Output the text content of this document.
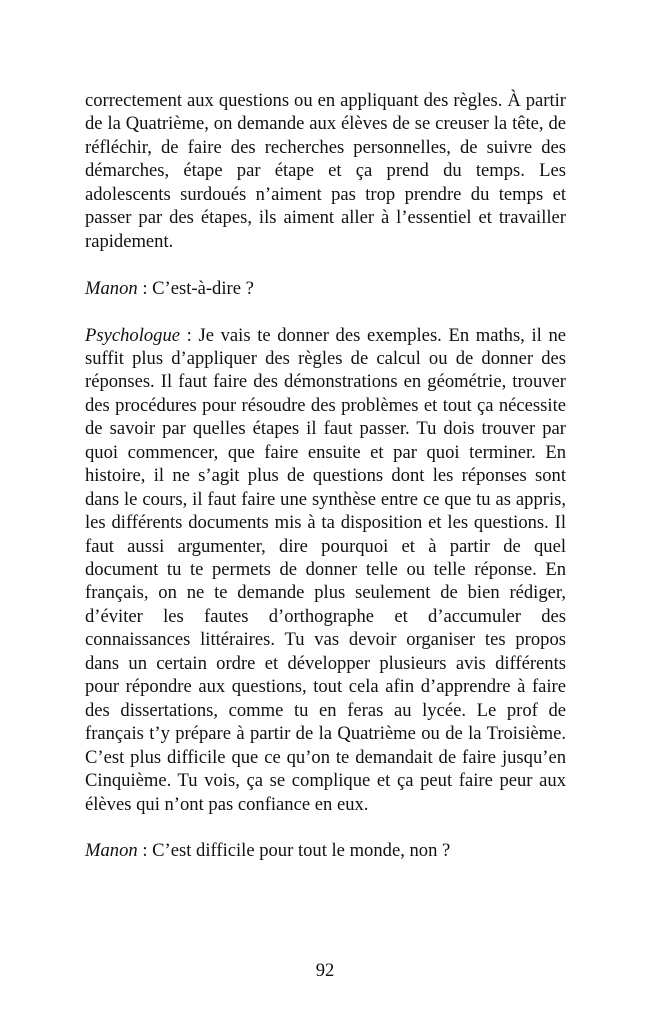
correctement aux questions ou en appliquant des règles. À partir de la Quatrième, on demande aux élèves de se creuser la tête, de réfléchir, de faire des recherches personnelles, de suivre des démarches, étape par étape et ça prend du temps. Les adolescents surdoués n’aiment pas trop prendre du temps et passer par des étapes, ils aiment aller à l’essentiel et travailler rapidement.

Manon : C’est-à-dire ?

Psychologue : Je vais te donner des exemples. En maths, il ne suffit plus d’appliquer des règles de calcul ou de donner des réponses. Il faut faire des démonstrations en géométrie, trouver des procédures pour résoudre des problèmes et tout ça nécessite de savoir par quelles étapes il faut passer. Tu dois trouver par quoi commencer, que faire ensuite et par quoi terminer. En histoire, il ne s’agit plus de questions dont les réponses sont dans le cours, il faut faire une synthèse entre ce que tu as appris, les différents documents mis à ta disposition et les questions. Il faut aussi argumenter, dire pourquoi et à partir de quel document tu te permets de donner telle ou telle réponse. En français, on ne te demande plus seulement de bien rédiger, d’éviter les fautes d’orthographe et d’accumuler des connaissances littéraires. Tu vas devoir organiser tes propos dans un certain ordre et développer plusieurs avis différents pour répondre aux questions, tout cela afin d’apprendre à faire des dissertations, comme tu en feras au lycée. Le prof de français t’y prépare à partir de la Quatrième ou de la Troisième. C’est plus difficile que ce qu’on te demandait de faire jusqu’en Cinquième. Tu vois, ça se complique et ça peut faire peur aux élèves qui n’ont pas confiance en eux.

Manon : C’est difficile pour tout le monde, non ?

92
